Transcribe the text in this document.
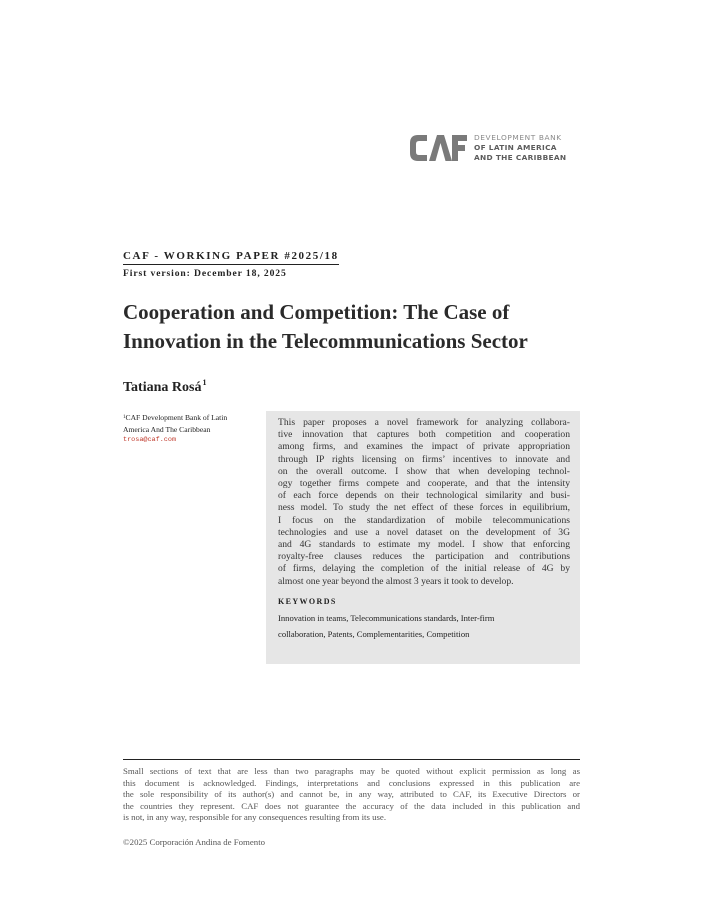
DEVELOPMENT BANK
OF LATIN AMERICA
AND THE CARIBBEAN
CAF - WORKING PAPER #2025/18
First version: December 18, 2025
Cooperation and Competition: The Case of
Innovation in the Telecommunications Sector
Tatiana Rosá$^1$
$^1$CAF Development Bank of Latin
America And The Caribbean
trosa@caf.com

This paper proposes a novel framework for analyzing collabora-
tive innovation that captures both competition and cooperation
among firms, and examines the impact of private appropriation
through IP rights licensing on firms’ incentives to innovate and
on the overall outcome. I show that when developing technol-
ogy together firms compete and cooperate, and that the intensity
of each force depends on their technological similarity and busi-
ness model. To study the net effect of these forces in equilibrium,
I focus on the standardization of mobile telecommunications
technologies and use a novel dataset on the development of 3G
and 4G standards to estimate my model. I show that enforcing
royalty-free clauses reduces the participation and contributions
of firms, delaying the completion of the initial release of 4G by
almost one year beyond the almost 3 years it took to develop.

KEYWORDS
Innovation in teams, Telecommunications standards, Inter-firm
collaboration, Patents, Complementarities, Competition
Small sections of text that are less than two paragraphs may be quoted without explicit permission as long as
this document is acknowledged. Findings, interpretations and conclusions expressed in this publication are
the sole responsibility of its author(s) and cannot be, in any way, attributed to CAF, its Executive Directors or
the countries they represent. CAF does not guarantee the accuracy of the data included in this publication and
is not, in any way, responsible for any consequences resulting from its use.
©2025 Corporación Andina de Fomento
